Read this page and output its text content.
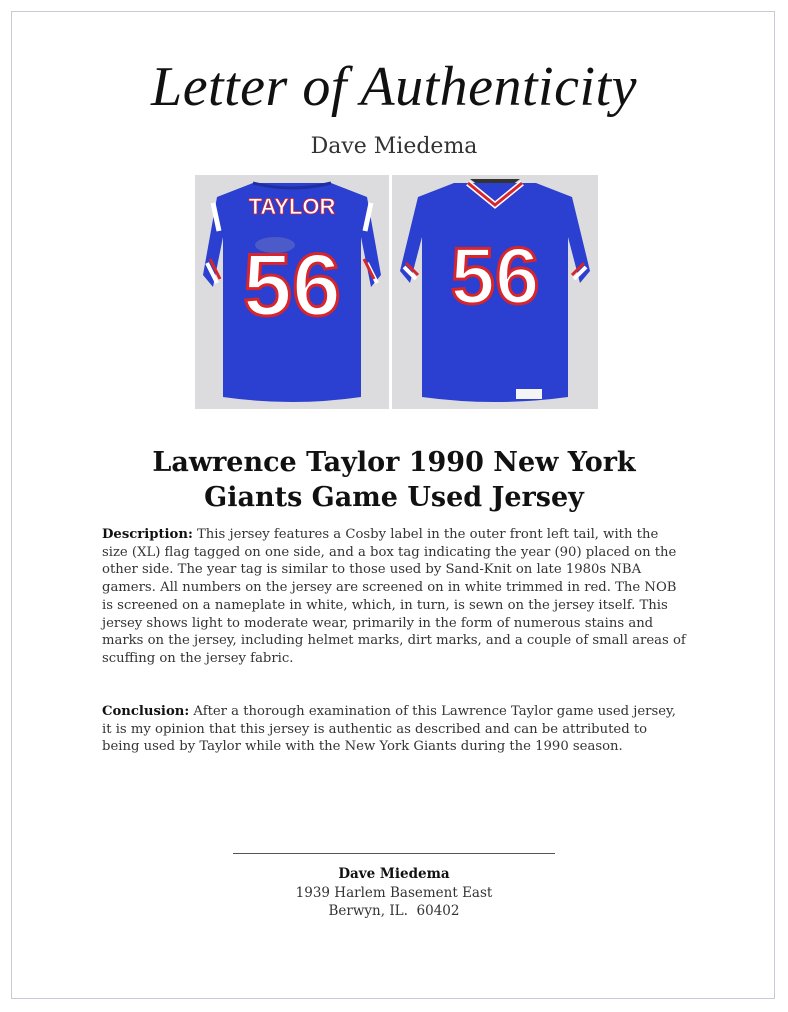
Letter of Authenticity
Dave Miedema
TAYLOR
56 56
Lawrence Taylor 1990 New York
Giants Game Used Jersey
Description: This jersey features a Cosby label in the outer front left tail, with the size (XL) flag tagged on one side, and a box tag indicating the year (90) placed on the other side. The year tag is similar to those used by Sand-Knit on late 1980s NBA gamers. All numbers on the jersey are screened on in white trimmed in red. The NOB is screened on a nameplate in white, which, in turn, is sewn on the jersey itself. This jersey shows light to moderate wear, primarily in the form of numerous stains and marks on the jersey, including helmet marks, dirt marks, and a couple of small areas of scuffing on the jersey fabric.
Conclusion: After a thorough examination of this Lawrence Taylor game used jersey, it is my opinion that this jersey is authentic as described and can be attributed to being used by Taylor while with the New York Giants during the 1990 season.
Dave Miedema
1939 Harlem Basement East
Berwyn, IL.  60402
